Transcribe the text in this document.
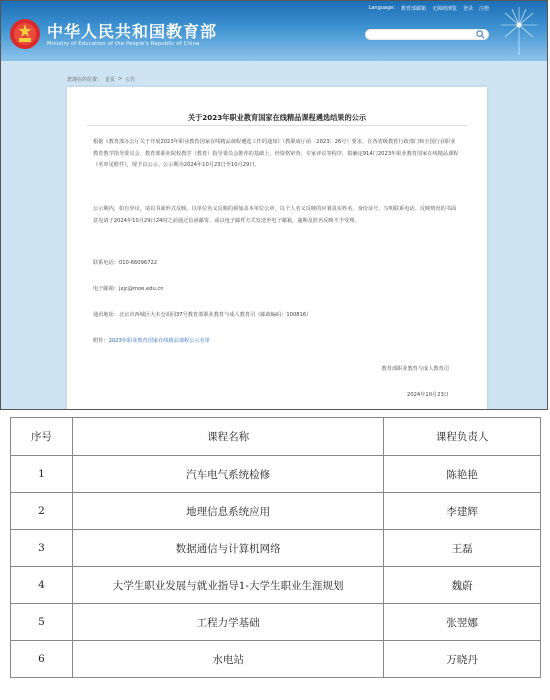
中华人民共和国教育部
Ministry of Education of the People's Republic of China
Language: 教育部邮箱 无障碍浏览 登录 注册
您现在的位置： 首页 > 公告
关于2023年职业教育国家在线精品课程遴选结果的公示

根据《教育部办公厅关于开展2023年职业教育国家在线精品课程遴选工作的通知》（教职成厅函〔2023〕26号）要求，在各省级教育行政部门和全国行业职业教育教学指导委员会、教育部职业院校教学（教育）指导委员会推荐的基础上，经资格审查、专家评议等程序，拟确定914门2023年职业教育国家在线精品课程（名单见附件），现予以公示。公示期为2024年10月23日至10月29日。

公示期内，如有异议，请以书面形式反映。以单位名义反映的须加盖本单位公章，以个人名义反映的应署真实姓名、身份证号、写明联系电话。反映情况的书面意见请于2024年10月29日24时之前通过信函邮寄、或以电子邮件方式发送至电子邮箱，逾期及匿名反映不予受理。

联系电话：010-66096722
电子邮箱：jxjc@moe.edu.cn
通讯地址：北京市西城区大木仓胡同37号教育部职业教育与成人教育司（邮政编码：100816）
附件：2023年职业教育国家在线精品课程公示名单
教育部职业教育与成人教育司
2024年10月23日
序号	课程名称	课程负责人
1	汽车电气系统检修	陈艳艳
2	地理信息系统应用	李建辉
3	数据通信与计算机网络	王磊
4	大学生职业发展与就业指导1-大学生职业生涯规划	魏蔚
5	工程力学基础	张翌娜
6	水电站	万晓丹
